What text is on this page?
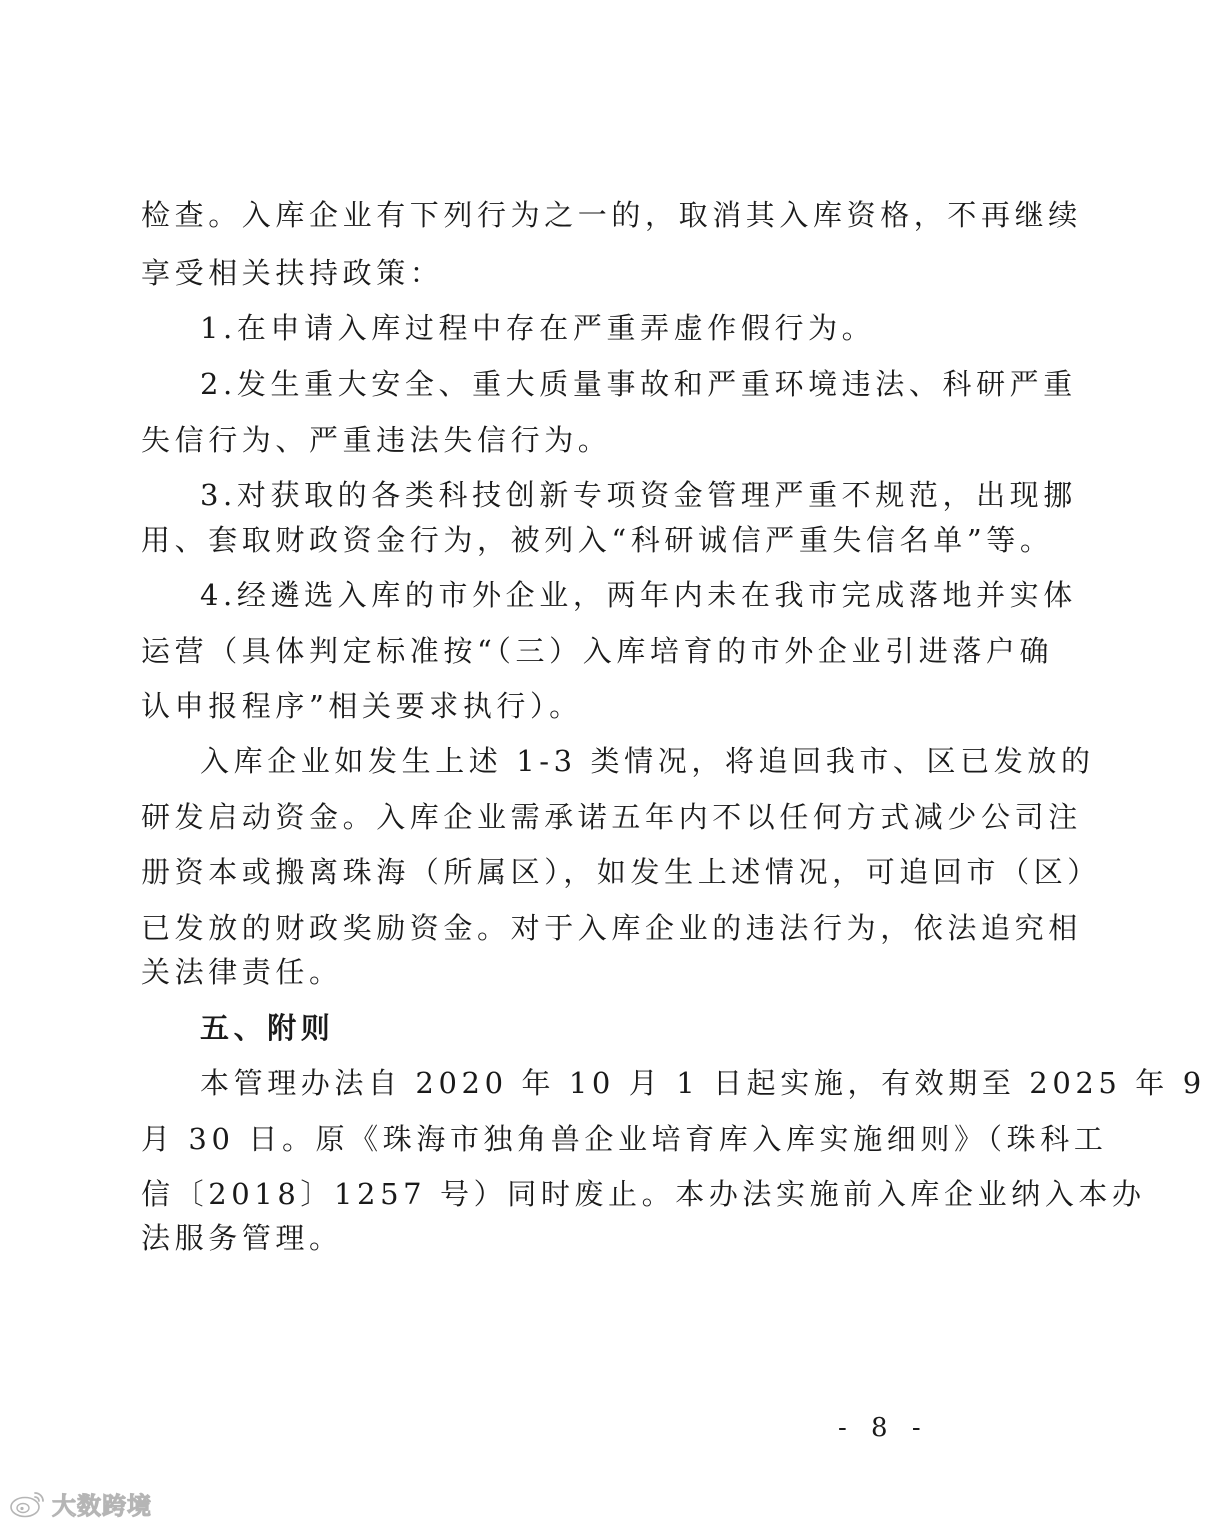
检查。入库企业有下列行为之一的，取消其入库资格，不再继续
享受相关扶持政策：
1.在申请入库过程中存在严重弄虚作假行为。
2.发生重大安全、重大质量事故和严重环境违法、科研严重
失信行为、严重违法失信行为。
3.对获取的各类科技创新专项资金管理严重不规范，出现挪
用、套取财政资金行为，被列入“科研诚信严重失信名单”等。
4.经遴选入库的市外企业，两年内未在我市完成落地并实体
运营（具体判定标准按“（三）入库培育的市外企业引进落户确
认申报程序”相关要求执行）。
入库企业如发生上述 1-3 类情况，将追回我市、区已发放的
研发启动资金。入库企业需承诺五年内不以任何方式减少公司注
册资本或搬离珠海（所属区），如发生上述情况，可追回市（区）
已发放的财政奖励资金。对于入库企业的违法行为，依法追究相
关法律责任。
五、附则
本管理办法自 2020 年 10 月 1 日起实施，有效期至 2025 年 9
月 30 日。原《珠海市独角兽企业培育库入库实施细则》（珠科工
信〔2018〕1257 号）同时废止。本办法实施前入库企业纳入本办
法服务管理。
- 8 -
大数跨境
